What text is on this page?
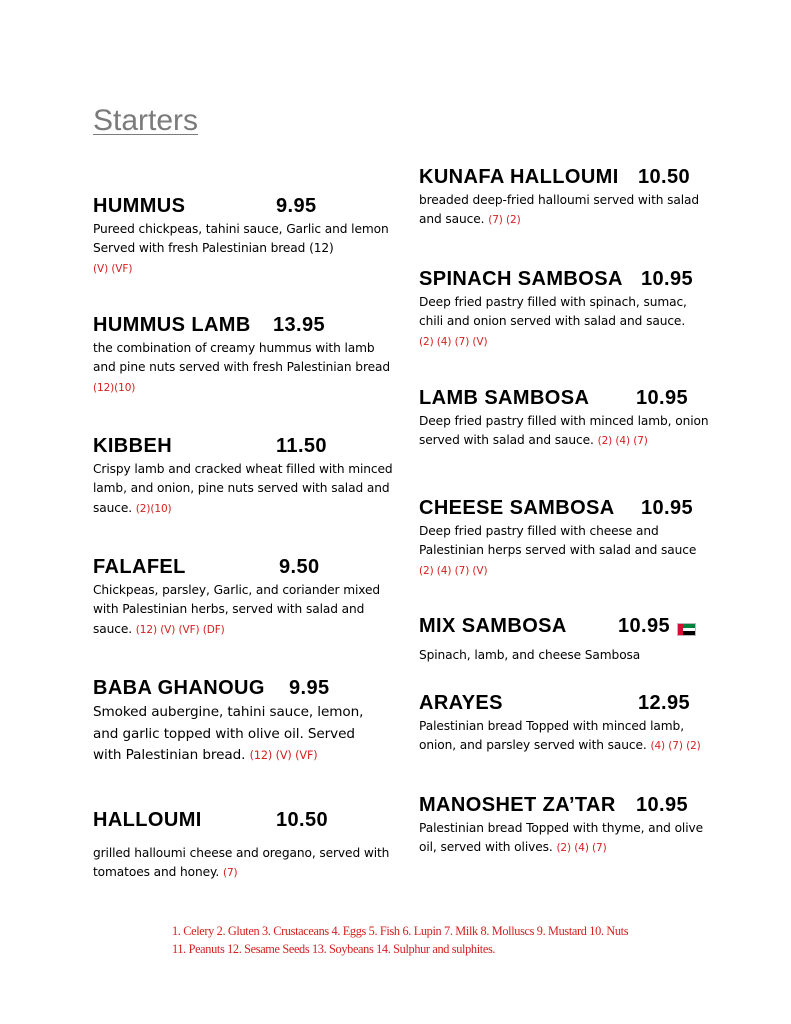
Starters
HUMMUS	9.95
Pureed chickpeas, tahini sauce, Garlic and lemon Served with fresh Palestinian bread (12)
(V) (VF)
HUMMUS LAMB 13.95
the combination of creamy hummus with lamb and pine nuts served with fresh Palestinian bread (12)(10)
KIBBEH	11.50
Crispy lamb and cracked wheat filled with minced lamb, and onion, pine nuts served with salad and sauce. (2)(10)
FALAFEL	9.50
Chickpeas, parsley, Garlic, and coriander mixed with Palestinian herbs, served with salad and sauce. (12) (V) (VF) (DF)
BABA GHANOUG 9.95
Smoked aubergine, tahini sauce, lemon, and garlic topped with olive oil. Served with Palestinian bread. (12) (V) (VF)
HALLOUMI	10.50
grilled halloumi cheese and oregano, served with tomatoes and honey. (7)
KUNAFA HALLOUMI 10.50
breaded deep-fried halloumi served with salad and sauce. (7) (2)
SPINACH SAMBOSA 10.95
Deep fried pastry filled with spinach, sumac, chili and onion served with salad and sauce.
(2) (4) (7) (V)
LAMB SAMBOSA 10.95
Deep fried pastry filled with minced lamb, onion served with salad and sauce. (2) (4) (7)
CHEESE SAMBOSA 10.95
Deep fried pastry filled with cheese and Palestinian herps served with salad and sauce
(2) (4) (7) (V)
MIX SAMBOSA	10.95
Spinach, lamb, and cheese Sambosa
ARAYES	12.95
Palestinian bread Topped with minced lamb, onion, and parsley served with sauce. (4) (7) (2)
MANOSHET ZA’TAR 10.95
Palestinian bread Topped with thyme, and olive oil, served with olives. (2) (4) (7)
1. Celery 2. Gluten 3. Crustaceans 4. Eggs 5. Fish 6. Lupin 7. Milk 8. Molluscs 9. Mustard 10. Nuts
11. Peanuts 12. Sesame Seeds 13. Soybeans 14. Sulphur and sulphites.
